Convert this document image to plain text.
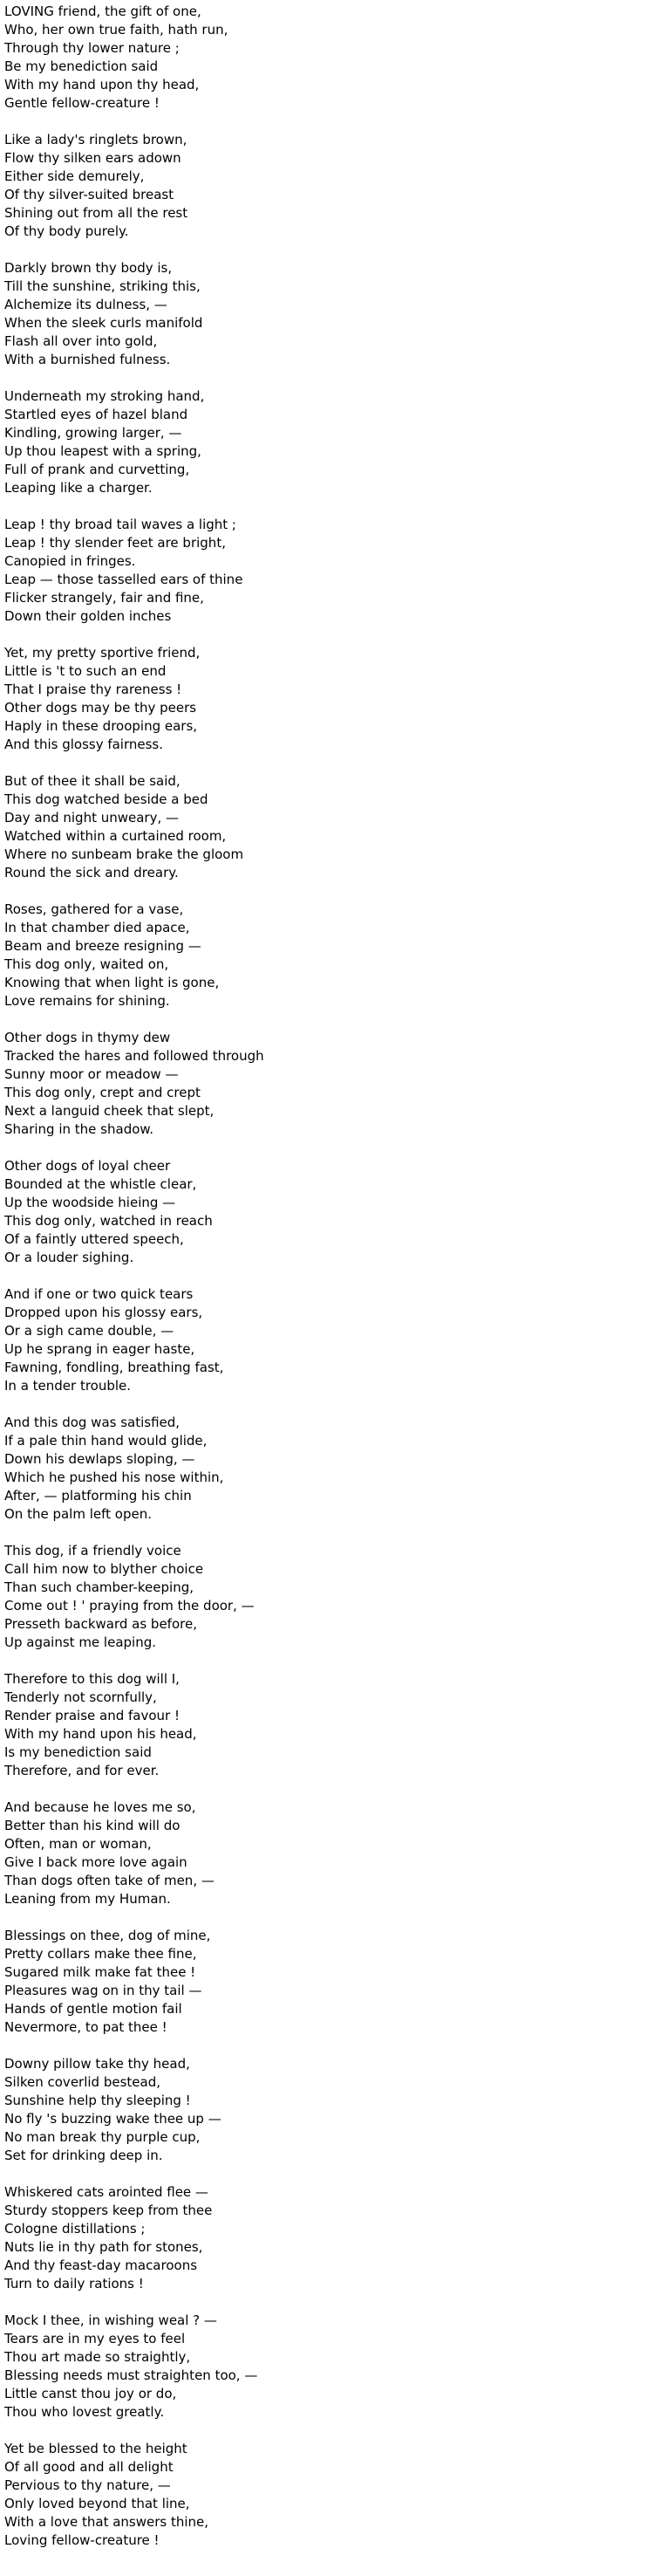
LOVING friend, the gift of one,
Who, her own true faith, hath run,
Through thy lower nature ;
Be my benediction said
With my hand upon thy head,
Gentle fellow-creature !
Like a lady's ringlets brown,
Flow thy silken ears adown
Either side demurely,
Of thy silver-suited breast
Shining out from all the rest
Of thy body purely.
Darkly brown thy body is,
Till the sunshine, striking this,
Alchemize its dulness, —
When the sleek curls manifold
Flash all over into gold,
With a burnished fulness.
Underneath my stroking hand,
Startled eyes of hazel bland
Kindling, growing larger, —
Up thou leapest with a spring,
Full of prank and curvetting,
Leaping like a charger.
Leap ! thy broad tail waves a light ;
Leap ! thy slender feet are bright,
Canopied in fringes.
Leap — those tasselled ears of thine
Flicker strangely, fair and fine,
Down their golden inches
Yet, my pretty sportive friend,
Little is 't to such an end
That I praise thy rareness !
Other dogs may be thy peers
Haply in these drooping ears,
And this glossy fairness.
But of thee it shall be said,
This dog watched beside a bed
Day and night unweary, —
Watched within a curtained room,
Where no sunbeam brake the gloom
Round the sick and dreary.
Roses, gathered for a vase,
In that chamber died apace,
Beam and breeze resigning —
This dog only, waited on,
Knowing that when light is gone,
Love remains for shining.
Other dogs in thymy dew
Tracked the hares and followed through
Sunny moor or meadow —
This dog only, crept and crept
Next a languid cheek that slept,
Sharing in the shadow.
Other dogs of loyal cheer
Bounded at the whistle clear,
Up the woodside hieing —
This dog only, watched in reach
Of a faintly uttered speech,
Or a louder sighing.
And if one or two quick tears
Dropped upon his glossy ears,
Or a sigh came double, —
Up he sprang in eager haste,
Fawning, fondling, breathing fast,
In a tender trouble.
And this dog was satisfied,
If a pale thin hand would glide,
Down his dewlaps sloping, —
Which he pushed his nose within,
After, — platforming his chin
On the palm left open.
This dog, if a friendly voice
Call him now to blyther choice
Than such chamber-keeping,
Come out ! ' praying from the door, —
Presseth backward as before,
Up against me leaping.
Therefore to this dog will I,
Tenderly not scornfully,
Render praise and favour !
With my hand upon his head,
Is my benediction said
Therefore, and for ever.
And because he loves me so,
Better than his kind will do
Often, man or woman,
Give I back more love again
Than dogs often take of men, —
Leaning from my Human.
Blessings on thee, dog of mine,
Pretty collars make thee fine,
Sugared milk make fat thee !
Pleasures wag on in thy tail —
Hands of gentle motion fail
Nevermore, to pat thee !
Downy pillow take thy head,
Silken coverlid bestead,
Sunshine help thy sleeping !
No fly 's buzzing wake thee up —
No man break thy purple cup,
Set for drinking deep in.
Whiskered cats arointed flee —
Sturdy stoppers keep from thee
Cologne distillations ;
Nuts lie in thy path for stones,
And thy feast-day macaroons
Turn to daily rations !
Mock I thee, in wishing weal ? —
Tears are in my eyes to feel
Thou art made so straightly,
Blessing needs must straighten too, —
Little canst thou joy or do,
Thou who lovest greatly.
Yet be blessed to the height
Of all good and all delight
Pervious to thy nature, —
Only loved beyond that line,
With a love that answers thine,
Loving fellow-creature !
